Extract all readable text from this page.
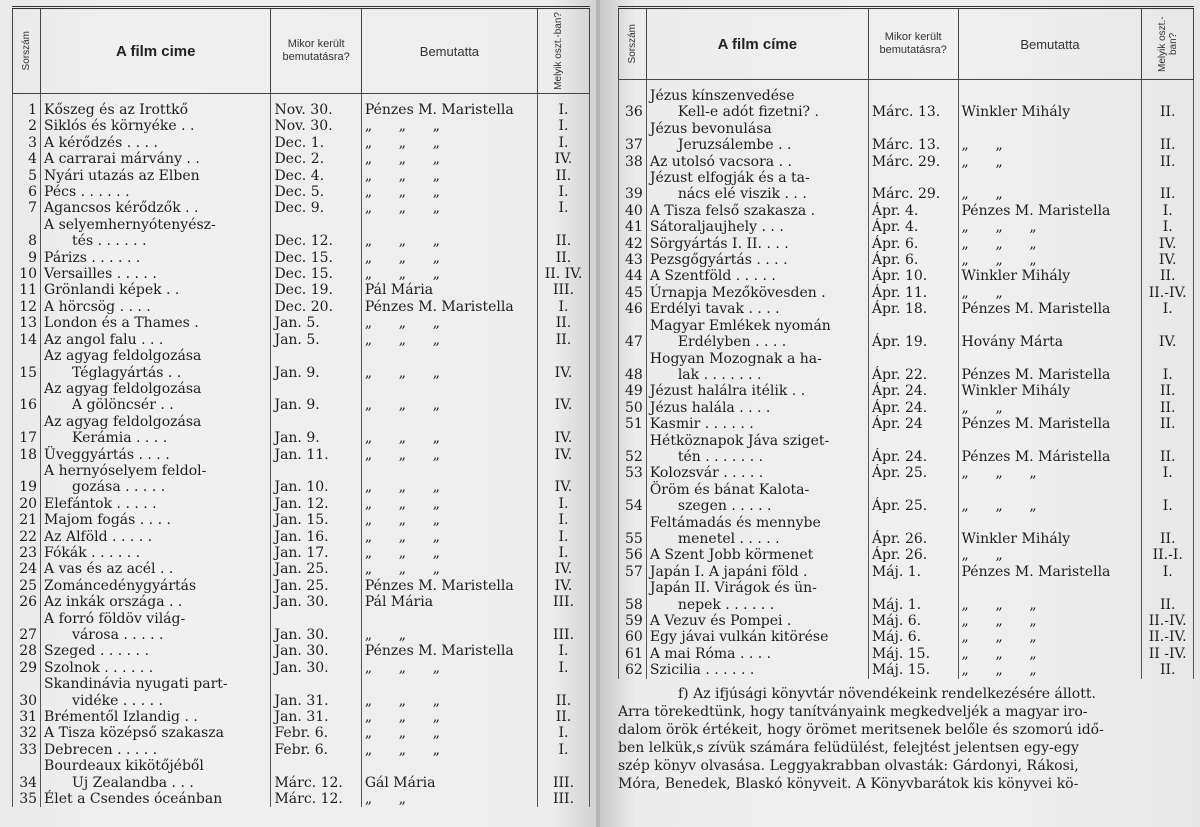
Sorszám	A film cime	Mikor került bemutatásra?	Bemutatta	Melyik oszt.-ban?

1	Kőszeg és az Irottkő	Nov. 30.	Pénzes M. Maristella	I.
2	Siklós és környéke . .	Nov. 30.	„      „      „	I.
3	A kérődzés . . . .	Dec. 1.	„      „      „	I.
4	A carrarai márvány . .	Dec. 2.	„      „      „	IV.
5	Nyári utazás az Elben	Dec. 4.	„      „      „	II.
6	Pécs . . . . . .	Dec. 5.	„      „      „	I.
7	Agancsos kérődzők . .	Dec. 9.	„      „      „	I.
8	A selyemhernyótenyész-
tés . . . . . .	Dec. 12.	„      „      „	II.
9	Párizs . . . . . .	Dec. 15.	„      „      „	II.
10	Versailles . . . . .	Dec. 15.	„      „      „	II. IV.
11	Grönlandi képek . .	Dec. 19.	Pál Mária	III.
12	A hörcsög . . . .	Dec. 20.	Pénzes M. Maristella	I.
13	London és a Thames .	Jan. 5.	„      „      „	II.
14	Az angol falu . . .	Jan. 5.	„      „      „	II.
15	Az agyag feldolgozása
Téglagyártás . .	Jan. 9.	„      „      „	IV.
16	Az agyag feldolgozása
A gölöncsér . .	Jan. 9.	„      „      „	IV.
17	Az agyag feldolgozása
Kerámia . . . .	Jan. 9.	„      „      „	IV.
18	Üveggyártás . . . .	Jan. 11.	„      „      „	IV.
19	A hernyóselyem feldol-
gozása . . . . .	Jan. 10.	„      „      „	IV.
20	Elefántok . . . . .	Jan. 12.	„      „      „	I.
21	Majom fogás . . . .	Jan. 15.	„      „      „	I.
22	Az Alföld . . . . .	Jan. 16.	„      „      „	I.
23	Fókák . . . . . .	Jan. 17.	„      „      „	I.
24	A vas és az acél . .	Jan. 25.	„      „      „	IV.
25	Zománcedénygyártás	Jan. 25.	Pénzes M. Maristella	IV.
26	Az inkák országa . .	Jan. 30.	Pál Mária	III.
27	A forró földöv világ-
városa . . . . .	Jan. 30.	„      „	III.
28	Szeged . . . . . .	Jan. 30.	Pénzes M. Maristella	I.
29	Szolnok . . . . . .	Jan. 30.	„      „      „	I.
30	Skandinávia nyugati part-
vidéke . . . . .	Jan. 31.	„      „      „	II.
31	Brémentől Izlandig . .	Jan. 31.	„      „      „	II.
32	A Tisza középső szakasza	Febr. 6.	„      „      „	I.
33	Debrecen . . . . .	Febr. 6.	„      „      „	I.
34	Bourdeaux kikötőjéből
Uj Zealandba . . .	Márc. 12.	Gál Mária	III.
35	Élet a Csendes óceánban	Márc. 12.	„      „	III.
Sorszám	A film címe	Mikor került bemutatásra?	Bemutatta	Melyik oszt.-ban?

36	Jézus kínszenvedése
Kell-e adót fizetni? .	Márc. 13.	Winkler Mihály	II.
37	Jézus bevonulása
Jeruzsálembe . .	Márc. 13.	„      „	II.
38	Az utolsó vacsora . .	Márc. 29.	„      „	II.
39	Jézust elfogják és a ta-
nács elé viszik . . .	Márc. 29.	„      „	II.
40	A Tisza felső szakasza .	Ápr. 4.	Pénzes M. Maristella	I.
41	Sátoraljaujhely . . .	Ápr. 4.	„      „      „	I.
42	Sörgyártás I. II. . . .	Ápr. 6.	„      „      „	IV.
43	Pezsgőgyártás . . . .	Ápr. 6.	„      „      „	IV.
44	A Szentföld . . . . .	Ápr. 10.	Winkler Mihály	II.
45	Úrnapja Mezőkövesden .	Ápr. 11.	„      „	II.-IV.
46	Erdélyi tavak . . . .	Ápr. 18.	Pénzes M. Maristella	I.
47	Magyar Emlékek nyomán
Erdélyben . . . .	Ápr. 19.	Hovány Márta	IV.
48	Hogyan Mozognak a ha-
lak . . . . . . .	Ápr. 22.	Pénzes M. Maristella	I.
49	Jézust halálra itélik . .	Ápr. 24.	Winkler Mihály	II.
50	Jézus halála . . . .	Ápr. 24.	„      „	II.
51	Kasmir . . . . . .	Ápr. 24	Pénzes M. Maristella	II.
52	Hétköznapok Jáva sziget-
tén . . . . . . .	Ápr. 24.	Pénzes M. Máristella	II.
53	Kolozsvár . . . . .	Ápr. 25.	„      „      „	I.
54	Öröm és bánat Kalota-
szegen . . . . .	Ápr. 25.	„      „      „	I.
55	Feltámadás és mennybe
menetel . . . . .	Ápr. 26.	Winkler Mihály	II.
56	A Szent Jobb körmenet	Ápr. 26.	„      „	II.-I.
57	Japán I. A japáni föld .	Máj. 1.	Pénzes M. Maristella	I.
58	Japán II. Virágok és ün-
nepek . . . . . .	Máj. 1.	„      „      „	II.
59	A Vezuv és Pompei .	Máj. 6.	„      „      „	II.-IV.
60	Egy jávai vulkán kitörése	Máj. 6.	„      „      „	II.-IV.
61	A mai Róma . . . .	Máj. 15.	„      „      „	II -IV.
62	Szicilia . . . . . .	Máj. 15.	„      „      „	II.
f) Az ifjúsági könyvtár növendékeink rendelkezésére állott.
Arra törekedtünk, hogy tanítványaink megkedveljék a magyar iro-
dalom örök értékeit, hogy örömet meritsenek belőle és szomorú idő-
ben lelkük,s zívük számára felüdülést, felejtést jelentsen egy-egy
szép könyv olvasása. Leggyakrabban olvasták: Gárdonyi, Rákosi,
Móra, Benedek, Blaskó könyveit. A Könyvbarátok kis könyvei kö-
